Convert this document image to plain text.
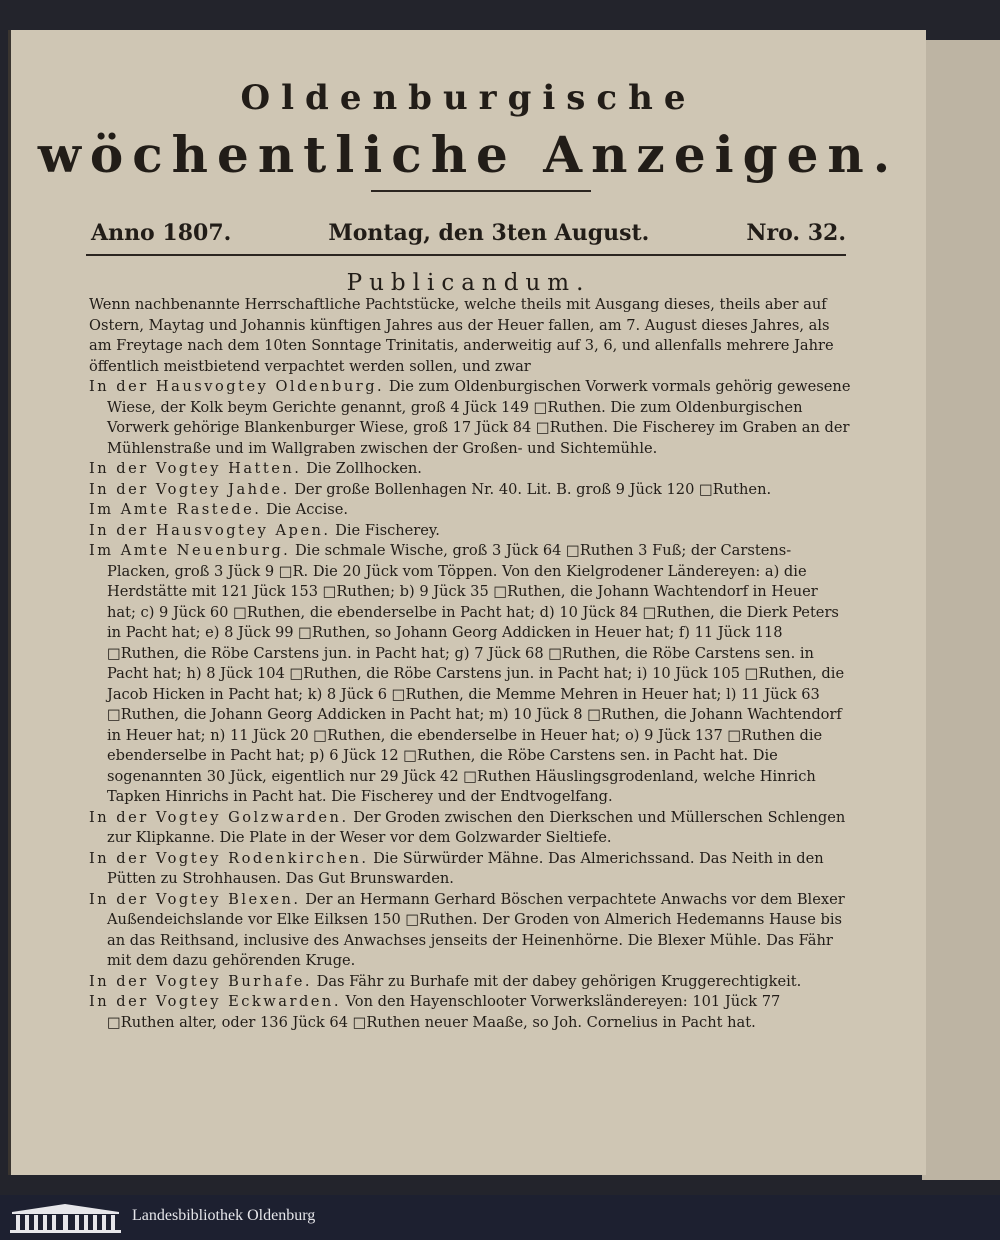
Oldenburgische
wöchentliche Anzeigen.
Anno 1807.	Montag, den 3ten August.	Nro. 32.
Publicandum.

Wenn nachbenannte Herrschaftliche Pachtstücke, welche theils mit Ausgang dieses, theils aber auf Ostern, Maytag und Johannis künftigen Jahres aus der Heuer fallen, am 7. August dieses Jahres, als am Freytage nach dem 10ten Sonntage Trinitatis, anderweitig auf 3, 6, und allenfalls mehrere Jahre öffentlich meistbietend verpachtet werden sollen, und zwar

In der Hausvogtey Oldenburg. Die zum Oldenburgischen Vorwerk vormals gehörig gewesene Wiese, der Kolk beym Gerichte genannt, groß 4 Jück 149 □Ruthen. Die zum Oldenburgischen Vorwerk gehörige Blankenburger Wiese, groß 17 Jück 84 □Ruthen. Die Fischerey im Graben an der Mühlenstraße und im Wallgraben zwischen der Großen- und Sichtemühle.

In der Vogtey Hatten. Die Zollhocken.

In der Vogtey Jahde. Der große Bollenhagen Nr. 40. Lit. B. groß 9 Jück 120 □Ruthen.

Im Amte Rastede. Die Accise.

In der Hausvogtey Apen. Die Fischerey.

Im Amte Neuenburg. Die schmale Wische, groß 3 Jück 64 □Ruthen 3 Fuß; der Carstens-Placken, groß 3 Jück 9 □R. Die 20 Jück vom Töppen. Von den Kielgrodener Ländereyen: a) die Herdstätte mit 121 Jück 153 □Ruthen; b) 9 Jück 35 □Ruthen, die Johann Wachtendorf in Heuer hat; c) 9 Jück 60 □Ruthen, die ebenderselbe in Pacht hat; d) 10 Jück 84 □Ruthen, die Dierk Peters in Pacht hat; e) 8 Jück 99 □Ruthen, so Johann Georg Addicken in Heuer hat; f) 11 Jück 118 □Ruthen, die Röbe Carstens jun. in Pacht hat; g) 7 Jück 68 □Ruthen, die Röbe Carstens sen. in Pacht hat; h) 8 Jück 104 □Ruthen, die Röbe Carstens jun. in Pacht hat; i) 10 Jück 105 □Ruthen, die Jacob Hicken in Pacht hat; k) 8 Jück 6 □Ruthen, die Memme Mehren in Heuer hat; l) 11 Jück 63 □Ruthen, die Johann Georg Addicken in Pacht hat; m) 10 Jück 8 □Ruthen, die Johann Wachtendorf in Heuer hat; n) 11 Jück 20 □Ruthen, die ebenderselbe in Heuer hat; o) 9 Jück 137 □Ruthen die ebenderselbe in Pacht hat; p) 6 Jück 12 □Ruthen, die Röbe Carstens sen. in Pacht hat. Die sogenannten 30 Jück, eigentlich nur 29 Jück 42 □Ruthen Häuslingsgrodenland, welche Hinrich Tapken Hinrichs in Pacht hat. Die Fischerey und der Endtvogelfang.

In der Vogtey Golzwarden. Der Groden zwischen den Dierkschen und Müllerschen Schlengen zur Klipkanne. Die Plate in der Weser vor dem Golzwarder Sieltiefe.

In der Vogtey Rodenkirchen. Die Sürwürder Mähne. Das Almerichssand. Das Neith in den Pütten zu Strohhausen. Das Gut Brunswarden.

In der Vogtey Blexen. Der an Hermann Gerhard Böschen verpachtete Anwachs vor dem Blexer Außendeichslande vor Elke Eilksen 150 □Ruthen. Der Groden von Almerich Hedemanns Hause bis an das Reithsand, inclusive des Anwachses jenseits der Heinenhörne. Die Blexer Mühle. Das Fähr mit dem dazu gehörenden Kruge.

In der Vogtey Burhafe. Das Fähr zu Burhafe mit der dabey gehörigen Kruggerechtigkeit.

In der Vogtey Eckwarden. Von den Hayenschlooter Vorwerksländereyen: 101 Jück 77 □Ruthen alter, oder 136 Jück 64 □Ruthen neuer Maaße, so Joh. Cornelius in Pacht hat.

Landesbibliothek Oldenburg
